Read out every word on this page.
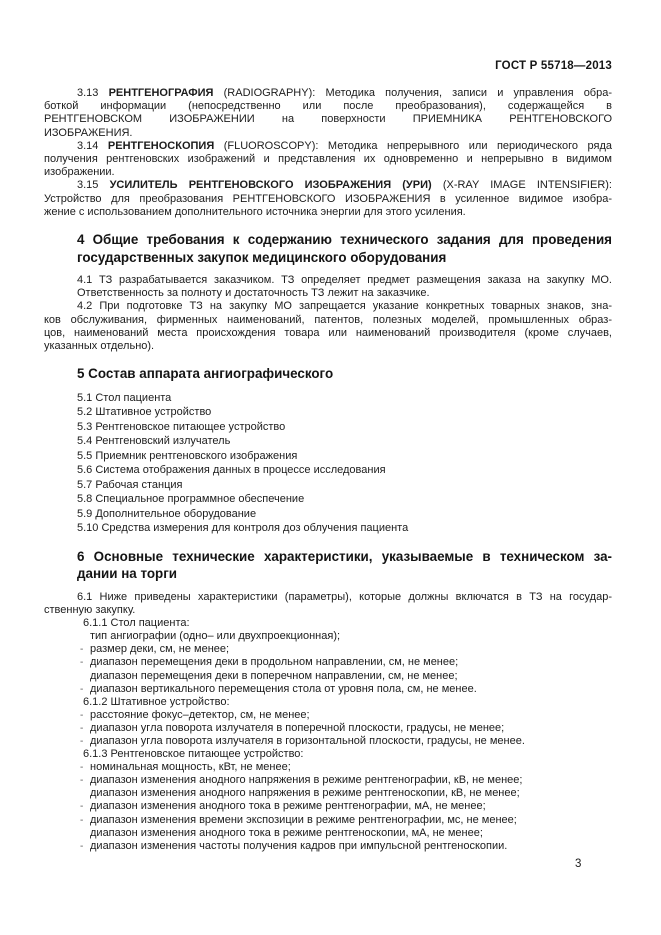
ГОСТ Р 55718—2013
3.13 РЕНТГЕНОГРАФИЯ (RADIOGRAPHY): Методика получения, записи и управления обра-
боткой информации (непосредственно или после преобразования), содержащейся в
РЕНТГЕНОВСКОМ ИЗОБРАЖЕНИИ на поверхности ПРИЕМНИКА РЕНТГЕНОВСКОГО
ИЗОБРАЖЕНИЯ.
3.14 РЕНТГЕНОСКОПИЯ (FLUOROSCOPY): Методика непрерывного или периодического ряда
получения рентгеновских изображений и представления их одновременно и непрерывно в видимом
изображении.
3.15 УСИЛИТЕЛЬ РЕНТГЕНОВСКОГО ИЗОБРАЖЕНИЯ (УРИ) (X-RAY IMAGE INTENSIFIER):
Устройство для преобразования РЕНТГЕНОВСКОГО ИЗОБРАЖЕНИЯ в усиленное видимое изобра-
жение с использованием дополнительного источника энергии для этого усиления.
4 Общие требования к содержанию технического задания для проведения
государственных закупок медицинского оборудования
4.1 ТЗ разрабатывается заказчиком. ТЗ определяет предмет размещения заказа на закупку МО.
Ответственность за полноту и достаточность ТЗ лежит на заказчике.
4.2 При подготовке ТЗ на закупку МО запрещается указание конкретных товарных знаков, зна-
ков обслуживания, фирменных наименований, патентов, полезных моделей, промышленных образ-
цов, наименований места происхождения товара или наименований производителя (кроме случаев,
указанных отдельно).
5 Состав аппарата ангиографического
5.1 Стол пациента
5.2 Штативное устройство
5.3 Рентгеновское питающее устройство
5.4 Рентгеновский излучатель
5.5 Приемник рентгеновского изображения
5.6 Система отображения данных в процессе исследования
5.7 Рабочая станция
5.8 Специальное программное обеспечение
5.9 Дополнительное оборудование
5.10 Средства измерения для контроля доз облучения пациента
6 Основные технические характеристики, указываемые в техническом за-
дании на торги
6.1 Ниже приведены характеристики (параметры), которые должны включатся в ТЗ на государ-
ственную закупку.
6.1.1 Стол пациента:
тип ангиографии (одно– или двухпроекционная);
- размер деки, см, не менее;
- диапазон перемещения деки в продольном направлении, см, не менее;
диапазон перемещения деки в поперечном направлении, см, не менее;
- диапазон вертикального перемещения стола от уровня пола, см, не менее.
6.1.2 Штативное устройство:
- расстояние фокус–детектор, см, не менее;
- диапазон угла поворота излучателя в поперечной плоскости, градусы, не менее;
- диапазон угла поворота излучателя в горизонтальной плоскости, градусы, не менее.
6.1.3 Рентгеновское питающее устройство:
- номинальная мощность, кВт, не менее;
- диапазон изменения анодного напряжения в режиме рентгенографии, кВ, не менее;
диапазон изменения анодного напряжения в режиме рентгеноскопии, кВ, не менее;
- диапазон изменения анодного тока в режиме рентгенографии, мА, не менее;
- диапазон изменения времени экспозиции в режиме рентгенографии, мс, не менее;
диапазон изменения анодного тока в режиме рентгеноскопии, мА, не менее;
- диапазон изменения частоты получения кадров при импульсной рентгеноскопии.
3
